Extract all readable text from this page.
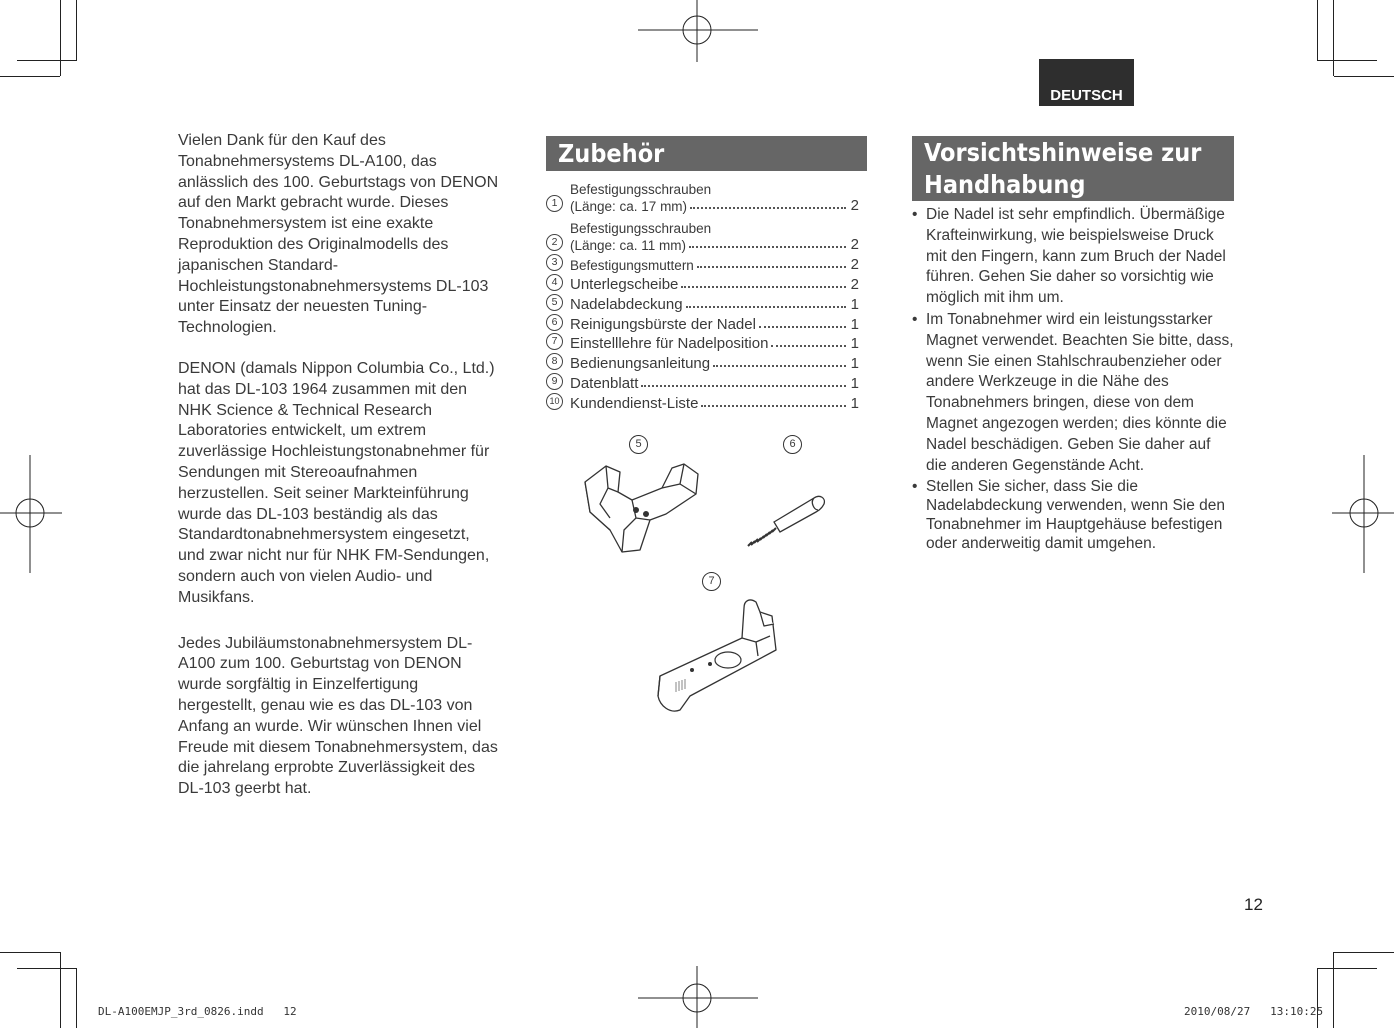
DEUTSCH

Vielen Dank für den Kauf des Tonabnehmersystems DL-A100, das anlässlich des 100. Geburtstags von DENON auf den Markt gebracht wurde. Dieses Tonabnehmersystem ist eine exakte Reproduktion des Originalmodells des japanischen Standard-Hochleistungstonabnehmersystems DL-103 unter Einsatz der neuesten Tuning-Technologien.

DENON (damals Nippon Columbia Co., Ltd.) hat das DL-103 1964 zusammen mit den NHK Science & Technical Research Laboratories entwickelt, um extrem zuverlässige Hochleistungstonabnehmer für Sendungen mit Stereoaufnahmen herzustellen. Seit seiner Markteinführung wurde das DL-103 beständig als das Standardtonabnehmersystem eingesetzt, und zwar nicht nur für NHK FM-Sendungen, sondern auch von vielen Audio- und Musikfans.

Jedes Jubiläumstonabnehmersystem DL-A100 zum 100. Geburtstag von DENON wurde sorgfältig in Einzelfertigung hergestellt, genau wie es das DL-103 von Anfang an wurde. Wir wünschen Ihnen viel Freude mit diesem Tonabnehmersystem, das die jahrelang erprobte Zuverlässigkeit des DL-103 geerbt hat.

Zubehör
1
Befestigungsschrauben
(Länge: ca. 17 mm)	2
2
Befestigungsschrauben
(Länge: ca. 11 mm)	2
3 Befestigungsmuttern	2
4 Unterlegscheibe	2
5 Nadelabdeckung	1
6 Reinigungsbürste der Nadel	1
7 Einstelllehre für Nadelposition	1
8 Bedienungsanleitung	1
9 Datenblatt	1
10 Kundendienst-Liste	1
5	6
7
Vorsichtshinweise zur
Handhabung
• Die Nadel ist sehr empfindlich. Übermäßige Krafteinwirkung, wie beispielsweise Druck mit den Fingern, kann zum Bruch der Nadel führen. Gehen Sie daher so vorsichtig wie möglich mit ihm um.
• Im Tonabnehmer wird ein leistungsstarker Magnet verwendet. Beachten Sie bitte, dass, wenn Sie einen Stahlschraubenzieher oder andere Werkzeuge in die Nähe des Tonabnehmers bringen, diese von dem Magnet angezogen werden; dies könnte die Nadel beschädigen. Geben Sie daher auf die anderen Gegenstände Acht.
• Stellen Sie sicher, dass Sie die Nadelabdeckung verwenden, wenn Sie den Tonabnehmer im Hauptgehäuse befestigen oder anderweitig damit umgehen.
12
DL-A100EMJP_3rd_0826.indd   12	2010/08/27   13:10:25
